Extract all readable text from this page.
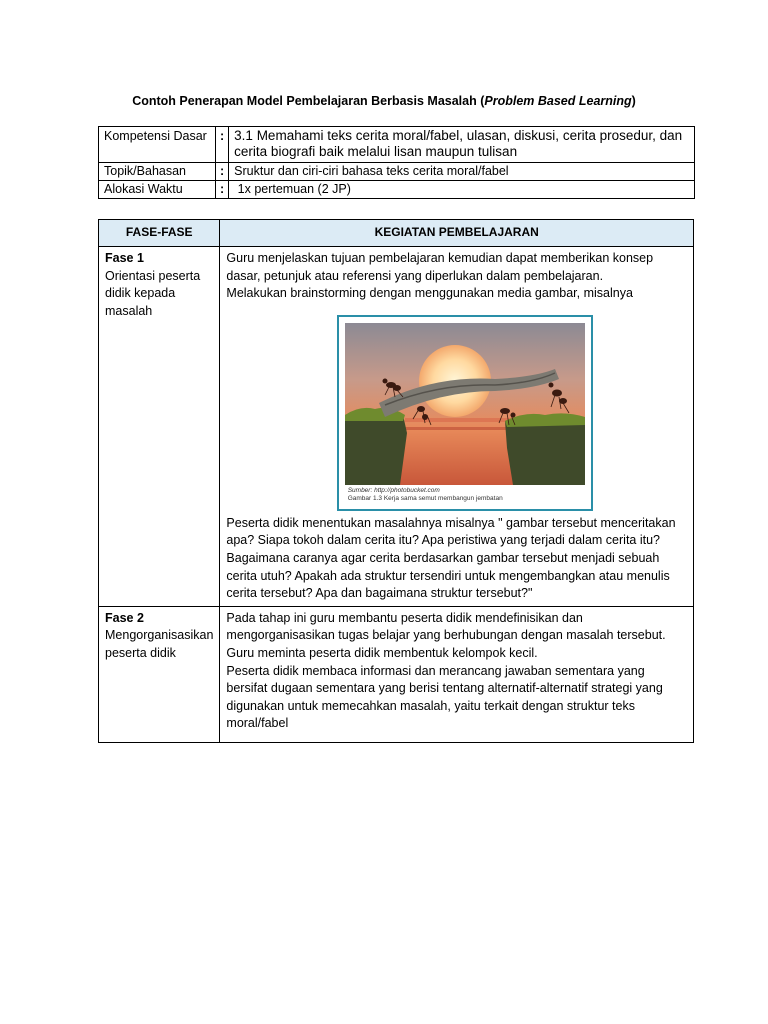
Contoh Penerapan Model Pembelajaran Berbasis Masalah (Problem Based Learning)
Kompetensi Dasar	:	3.1 Memahami teks cerita moral/fabel, ulasan, diskusi, cerita prosedur, dan cerita biografi baik melalui lisan maupun tulisan
Topik/Bahasan	:	Sruktur dan ciri-ciri bahasa teks cerita moral/fabel
Alokasi Waktu	:	1x pertemuan (2 JP)
FASE-FASE	KEGIATAN PEMBELAJARAN

Fase 1
Orientasi peserta didik kepada masalah	Guru menjelaskan tujuan pembelajaran kemudian dapat memberikan konsep dasar, petunjuk atau referensi yang diperlukan dalam pembelajaran.
Melakukan brainstorming dengan menggunakan media gambar, misalnya
Sumber: http://photobucket.com
Gambar 1.3 Kerja sama semut membangun jembatan
Peserta didik menentukan masalahnya misalnya " gambar tersebut menceritakan apa? Siapa tokoh dalam cerita itu? Apa peristiwa yang terjadi dalam cerita itu? Bagaimana caranya agar cerita berdasarkan gambar tersebut menjadi sebuah cerita utuh? Apakah ada struktur tersendiri untuk mengembangkan atau menulis cerita tersebut? Apa dan bagaimana struktur tersebut?"

Fase 2
Mengorganisasikan peserta didik	Pada tahap ini guru membantu peserta didik mendefinisikan dan mengorganisasikan tugas belajar yang berhubungan dengan masalah tersebut.
Guru meminta peserta didik membentuk kelompok kecil.
Peserta didik membaca informasi dan merancang jawaban sementara yang bersifat dugaan sementara yang berisi tentang alternatif-alternatif strategi yang digunakan untuk memecahkan masalah, yaitu terkait dengan struktur teks moral/fabel
